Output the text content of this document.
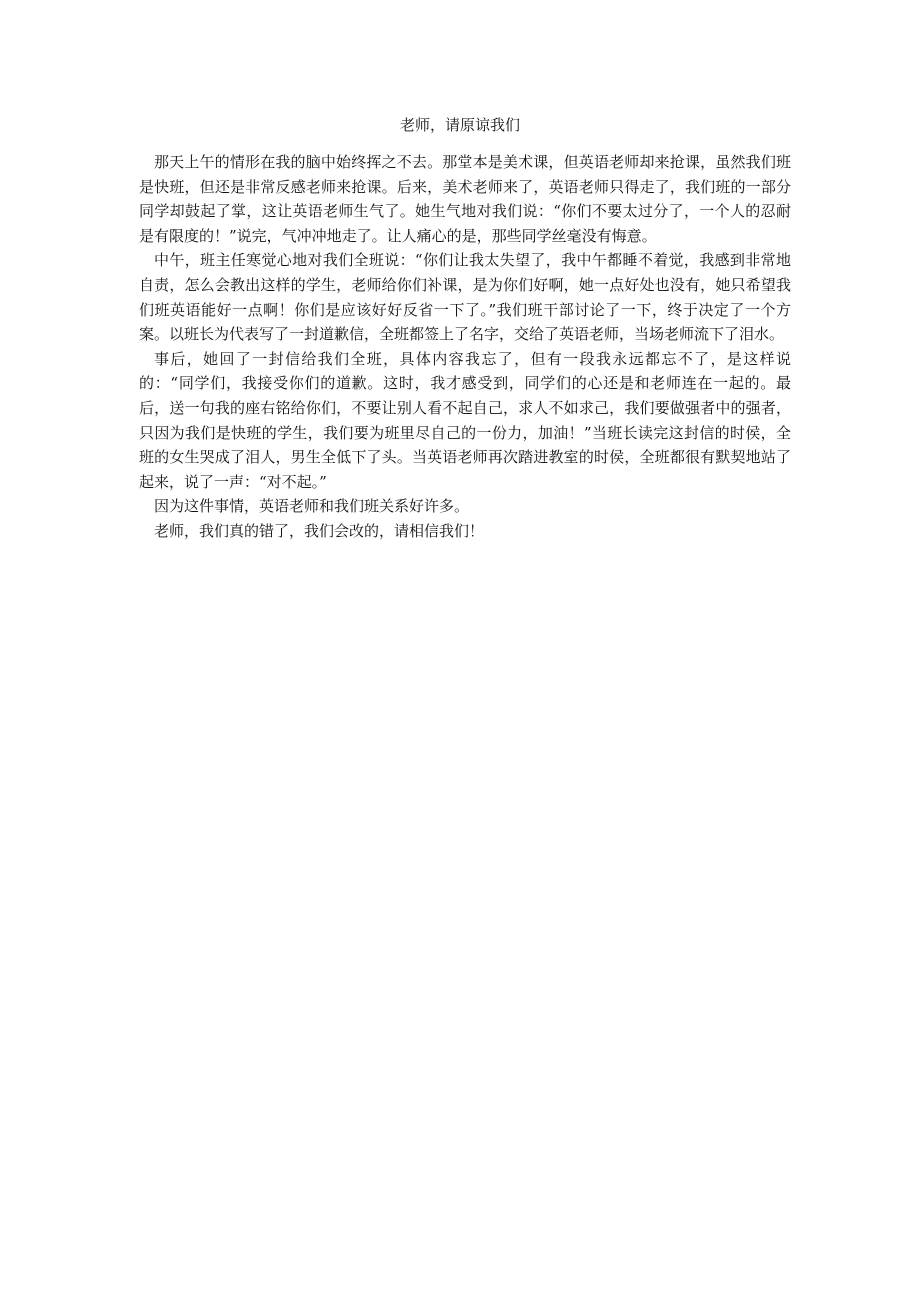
老师，请原谅我们

那天上午的情形在我的脑中始终挥之不去。那堂本是美术课，但英语老师却来抢课，虽然我们班是快班，但还是非常反感老师来抢课。后来，美术老师来了，英语老师只得走了，我们班的一部分同学却鼓起了掌，这让英语老师生气了。她生气地对我们说：“你们不要太过分了，一个人的忍耐是有限度的！”说完，气冲冲地走了。让人痛心的是，那些同学丝毫没有悔意。

中午，班主任寒觉心地对我们全班说：“你们让我太失望了，我中午都睡不着觉，我感到非常地自责，怎么会教出这样的学生，老师给你们补课，是为你们好啊，她一点好处也没有，她只希望我们班英语能好一点啊！你们是应该好好反省一下了。”我们班干部讨论了一下，终于决定了一个方案。以班长为代表写了一封道歉信，全班都签上了名字，交给了英语老师，当场老师流下了泪水。

事后，她回了一封信给我们全班，具体内容我忘了，但有一段我永远都忘不了，是这样说的：“同学们，我接受你们的道歉。这时，我才感受到，同学们的心还是和老师连在一起的。最后，送一句我的座右铭给你们，不要让别人看不起自己，求人不如求己，我们要做强者中的强者，只因为我们是快班的学生，我们要为班里尽自己的一份力，加油！”当班长读完这封信的时侯，全班的女生哭成了泪人，男生全低下了头。当英语老师再次踏进教室的时侯，全班都很有默契地站了起来，说了一声：“对不起。”

因为这件事情，英语老师和我们班关系好许多。

老师，我们真的错了，我们会改的，请相信我们！
